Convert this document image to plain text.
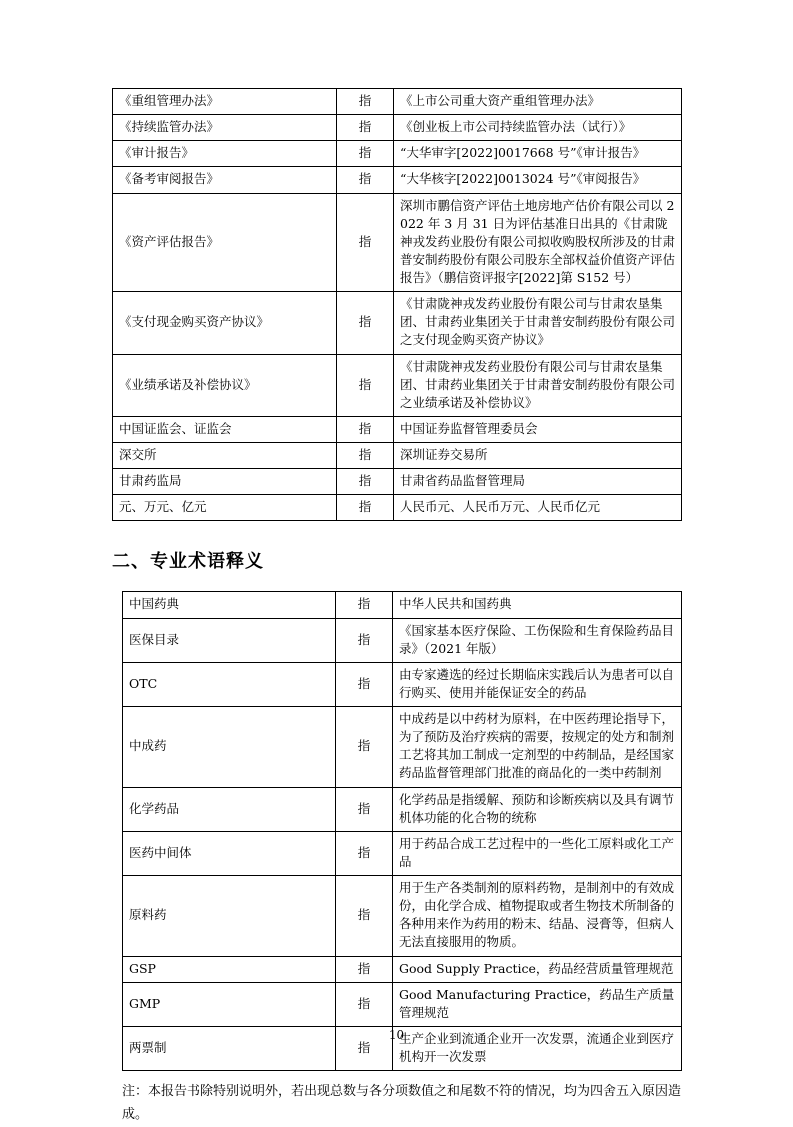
《重组管理办法》	指	《上市公司重大资产重组管理办法》
《持续监管办法》	指	《创业板上市公司持续监管办法（试行）》
《审计报告》	指	“大华审字[2022]0017668 号”《审计报告》
《备考审阅报告》	指	“大华核字[2022]0013024 号”《审阅报告》
《资产评估报告》	指	深圳市鹏信资产评估土地房地产估价有限公司以 2022 年 3 月 31 日为评估基准日出具的《甘肃陇神戎发药业股份有限公司拟收购股权所涉及的甘肃普安制药股份有限公司股东全部权益价值资产评估报告》（鹏信资评报字[2022]第 S152 号）
《支付现金购买资产协议》	指	《甘肃陇神戎发药业股份有限公司与甘肃农垦集团、甘肃药业集团关于甘肃普安制药股份有限公司之支付现金购买资产协议》
《业绩承诺及补偿协议》	指	《甘肃陇神戎发药业股份有限公司与甘肃农垦集团、甘肃药业集团关于甘肃普安制药股份有限公司之业绩承诺及补偿协议》
中国证监会、证监会	指	中国证券监督管理委员会
深交所	指	深圳证券交易所
甘肃药监局	指	甘肃省药品监督管理局
元、万元、亿元	指	人民币元、人民币万元、人民币亿元
二、专业术语释义
中国药典	指	中华人民共和国药典
医保目录	指	《国家基本医疗保险、工伤保险和生育保险药品目录》（2021 年版）
OTC	指	由专家遴选的经过长期临床实践后认为患者可以自行购买、使用并能保证安全的药品
中成药	指	中成药是以中药材为原料，在中医药理论指导下，为了预防及治疗疾病的需要，按规定的处方和制剂工艺将其加工制成一定剂型的中药制品，是经国家药品监督管理部门批准的商品化的一类中药制剂
化学药品	指	化学药品是指缓解、预防和诊断疾病以及具有调节机体功能的化合物的统称
医药中间体	指	用于药品合成工艺过程中的一些化工原料或化工产品
原料药	指	用于生产各类制剂的原料药物，是制剂中的有效成份，由化学合成、植物提取或者生物技术所制备的各种用来作为药用的粉末、结晶、浸膏等，但病人无法直接服用的物质。
GSP	指	Good Supply Practice，药品经营质量管理规范
GMP	指	Good Manufacturing Practice，药品生产质量管理规范
两票制	指	生产企业到流通企业开一次发票，流通企业到医疗机构开一次发票
注：本报告书除特别说明外，若出现总数与各分项数值之和尾数不符的情况，均为四舍五入原因造成。
10
